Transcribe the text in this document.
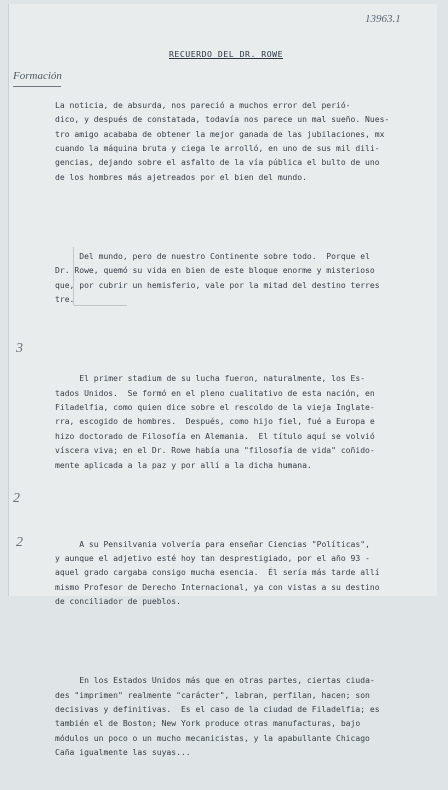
13963.1
RECUERDO DEL DR. ROWE
Formación
3
2
2

La noticia, de absurda, nos pareció a muchos error del perió-
dico, y después de constatada, todavía nos parece un mal sueño. Nues-
tro amigo acababa de obtener la mejor ganada de las jubilaciones, mx
cuando la máquina bruta y ciega le arrolló, en uno de sus mil dili-
gencias, dejando sobre el asfalto de la vía pública el bulto de uno
de los hombres más ajetreados por el bien del mundo.

Del mundo, pero de nuestro Continente sobre todo.  Porque el
Dr. Rowe, quemó su vida en bien de este bloque enorme y misterioso
que, por cubrir un hemisferio, vale por la mitad del destino terres
tre.

El primer stadium de su lucha fueron, naturalmente, los Es-
tados Unidos.  Se formó en el pleno cualitativo de esta nación, en
Filadelfia, como quien dice sobre el rescoldo de la vieja Inglate-
rra, escogido de hombres.  Después, como hijo fiel, fué a Europa e
hizo doctorado de Filosofía en Alemania.  El título aquí se volvió
víscera viva; en el Dr. Rowe había una "filosofía de vida" coñido-
mente aplicada a la paz y por allí a la dicha humana.

A su Pensilvania volvería para enseñar Ciencias "Políticas",
y aunque el adjetivo esté hoy tan desprestigiado, por el año 93 -
aquel grado cargaba consigo mucha esencia.  Él sería más tarde allí
mismo Profesor de Derecho Internacional, ya con vistas a su destino
de conciliador de pueblos.

En los Estados Unidos más que en otras partes, ciertas ciuda-
des "imprimen" realmente "carácter", labran, perfilan, hacen; son
decisivas y definitivas.  Es el caso de la ciudad de Filadelfia; es
también el de Boston; New York produce otras manufacturas, bajo
módulos un poco o un mucho mecanicistas, y la apabullante Chicago
Caña igualmente las suyas...
